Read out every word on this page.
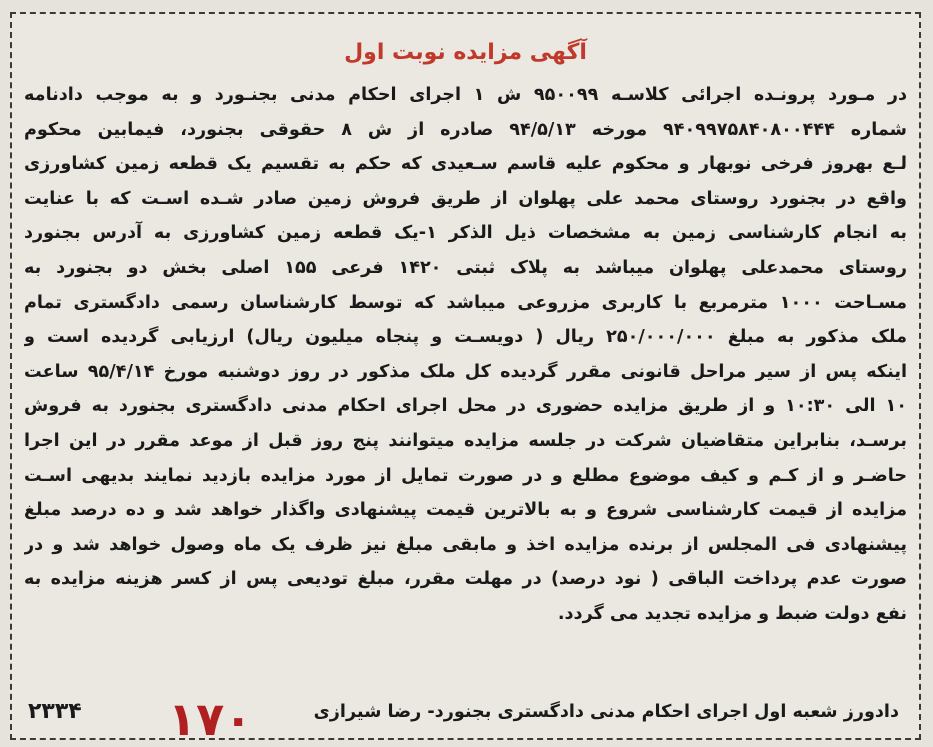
آگهی مزایده نوبت اول
در مـورد پرونـده اجرائی کلاسـه ۹۵۰۰۹۹ ش ۱ اجرای احکام مدنی بجنـورد و به موجب دادنامه
شماره ۹۴۰۹۹۷۵۸۴۰۸۰۰۴۴۴ مورخه ۹۴/۵/۱۳ صادره از ش ۸ حقوقی بجنورد، فیمابین محکوم
لـع بهروز فرخی نوبهار و محکوم علیه قاسم سـعیدی که حکم به تقسیم یک قطعه زمین کشاورزی
واقع در بجنورد روستای محمد علی پهلوان از طریق فروش زمین صادر شـده اسـت که با عنایت
به انجام کارشناسی زمین به مشخصات ذیل الذکر ۱-یک قطعه زمین کشاورزی به آدرس بجنورد
روستای محمدعلی پهلوان میباشد به پلاک ثبتی ۱۴۲۰ فرعی ۱۵۵ اصلی بخش دو بجنورد به
مسـاحت ۱۰۰۰ مترمربع با کاربری مزروعی میباشد که توسط کارشناسان رسمی دادگستری تمام
ملک مذکور به مبلغ ۲۵۰/۰۰۰/۰۰۰ ریال ( دویسـت و پنجاه میلیون ریال) ارزیابی گردیده است و
اینکه پس از سیر مراحل قانونی مقرر گردیده کل ملک مذکور در روز دوشنبه مورخ ۹۵/۴/۱۴ ساعت
۱۰ الی ۱۰:۳۰ و از طریق مزایده حضوری در محل اجرای احکام مدنی دادگستری بجنورد به فروش
برسـد، بنابراین متقاضیان شرکت در جلسه مزایده میتوانند پنج روز قبل از موعد مقرر در این اجرا
حاضـر و از کـم و کیف موضوع مطلع و در صورت تمایل از مورد مزایده بازدید نمایند بدیهی اسـت
مزایده از قیمت کارشناسی شروع و به بالاترین قیمت پیشنهادی واگذار خواهد شد و ده درصد مبلغ
پیشنهادی فی المجلس از برنده مزایده اخذ و مابقی مبلغ نیز ظرف یک ماه وصول خواهد شد و در
صورت عدم پرداخت الباقی ( نود درصد) در مهلت مقرر، مبلغ تودیعی پس از کسر هزینه مزایده به
نفع دولت ضبط و مزایده تجدید می گردد.
دادورز شعبه اول اجرای احکام مدنی دادگستری بجنورد- رضا شیرازی
۱۷۰
۲۳۳۴
